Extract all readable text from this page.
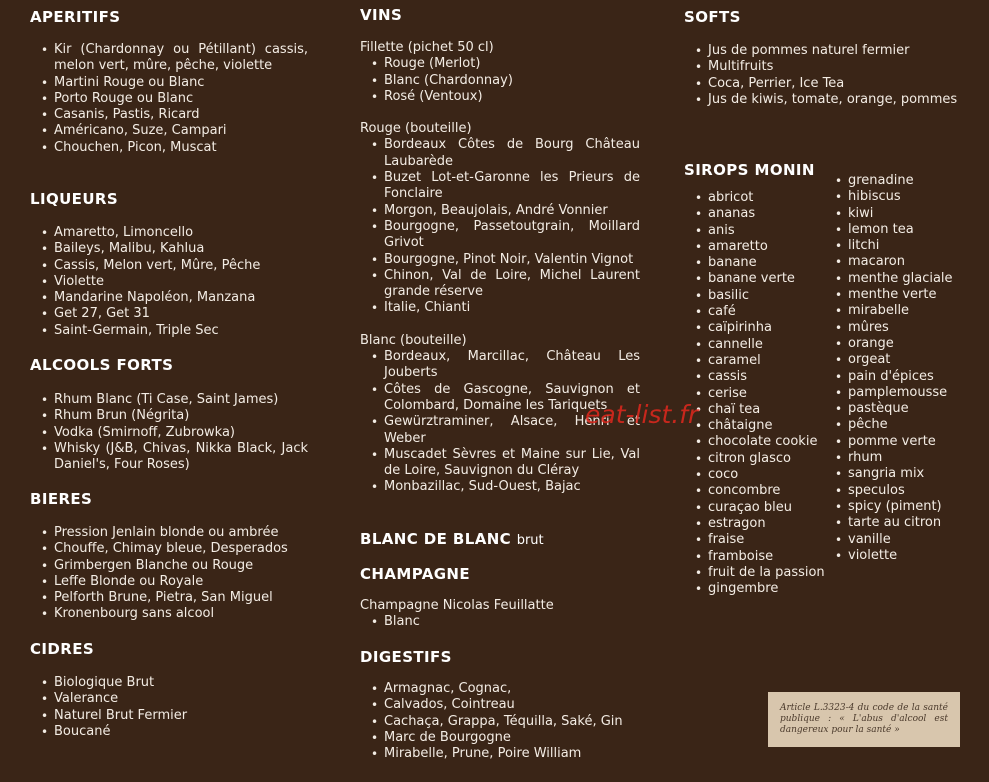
APERITIFS
• Kir (Chardonnay ou Pétillant) cassis, melon vert, mûre, pêche, violette
• Martini Rouge ou Blanc
• Porto Rouge ou Blanc
• Casanis, Pastis, Ricard
• Américano, Suze, Campari
• Chouchen, Picon, Muscat
LIQUEURS
• Amaretto, Limoncello
• Baileys, Malibu, Kahlua
• Cassis, Melon vert, Mûre, Pêche
• Violette
• Mandarine Napoléon, Manzana
• Get 27, Get 31
• Saint-Germain, Triple Sec
ALCOOLS FORTS
• Rhum Blanc (Ti Case, Saint James)
• Rhum Brun (Négrita)
• Vodka (Smirnoff, Zubrowka)
• Whisky (J&B, Chivas, Nikka Black, Jack Daniel's, Four Roses)
BIERES
• Pression Jenlain blonde ou ambrée
• Chouffe, Chimay bleue, Desperados
• Grimbergen Blanche ou Rouge
• Leffe Blonde ou Royale
• Pelforth Brune, Pietra, San Miguel
• Kronenbourg sans alcool
CIDRES
• Biologique Brut
• Valerance
• Naturel Brut Fermier
• Boucané
VINS

Fillette (pichet 50 cl)

• Rouge (Merlot)
• Blanc (Chardonnay)
• Rosé (Ventoux)

Rouge (bouteille)

• Bordeaux Côtes de Bourg Château Laubarède
• Buzet Lot-et-Garonne les Prieurs de Fonclaire
• Morgon, Beaujolais, André Vonnier
• Bourgogne, Passetoutgrain, Moillard Grivot
• Bourgogne, Pinot Noir, Valentin Vignot
• Chinon, Val de Loire, Michel Laurent grande réserve
• Italie, Chianti

Blanc (bouteille)

• Bordeaux, Marcillac, Château Les Jouberts
• Côtes de Gascogne, Sauvignon et Colombard, Domaine les Tariquets
• Gewürztraminer, Alsace, Henri et Weber
• Muscadet Sèvres et Maine sur Lie, Val de Loire, Sauvignon du Cléray
• Monbazillac, Sud-Ouest, Bajac
BLANC DE BLANC brut
CHAMPAGNE

Champagne Nicolas Feuillatte

• Blanc
DIGESTIFS
• Armagnac, Cognac,
• Calvados, Cointreau
• Cachaça, Grappa, Téquilla, Saké, Gin
• Marc de Bourgogne
• Mirabelle, Prune, Poire William
SOFTS
• Jus de pommes naturel fermier
• Multifruits
• Coca, Perrier, Ice Tea
• Jus de kiwis, tomate, orange, pommes
SIROPS MONIN
• abricot
• ananas
• anis
• amaretto
• banane
• banane verte
• basilic
• café
• caïpirinha
• cannelle
• caramel
• cassis
• cerise
• chaï tea
• châtaigne
• chocolate cookie
• citron glasco
• coco
• concombre
• curaçao bleu
• estragon
• fraise
• framboise
• fruit de la passion
• gingembre
• grenadine
• hibiscus
• kiwi
• lemon tea
• litchi
• macaron
• menthe glaciale
• menthe verte
• mirabelle
• mûres
• orange
• orgeat
• pain d'épices
• pamplemousse
• pastèque
• pêche
• pomme verte
• rhum
• sangria mix
• speculos
• spicy (piment)
• tarte au citron
• vanille
• violette
eat-list.fr
Article L.3323-4 du code de la santé publique : « L'abus d'alcool est dangereux pour la santé »
